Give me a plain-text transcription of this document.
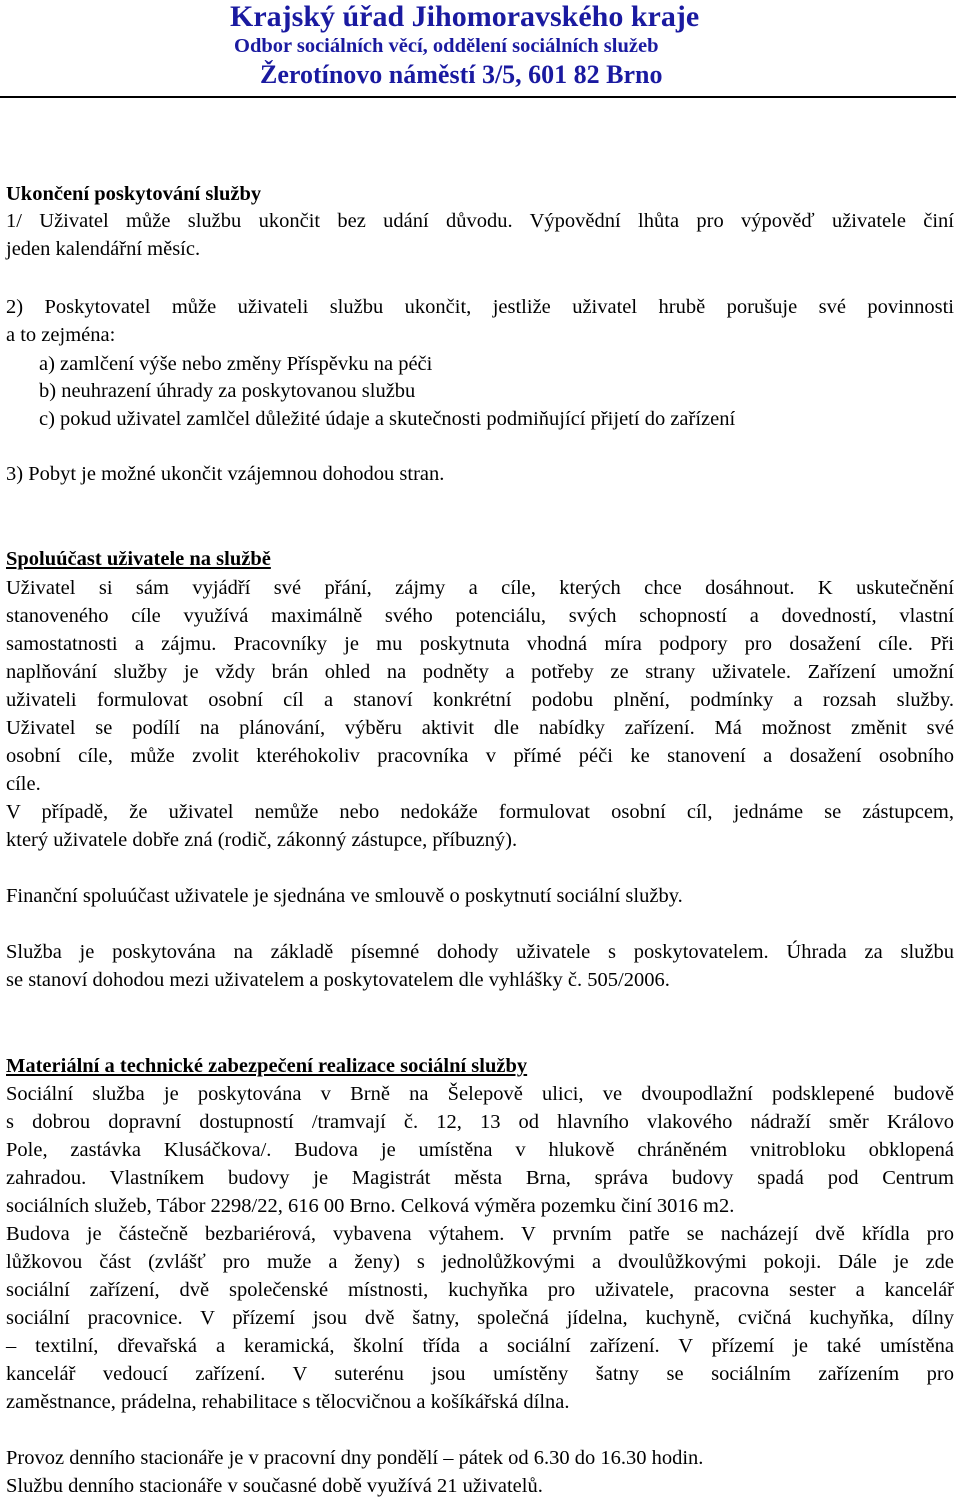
Krajský úřad Jihomoravského kraje
Odbor sociálních věcí, oddělení sociálních služeb
Žerotínovo náměstí 3/5, 601 82 Brno
Ukončení poskytování služby
1/ Uživatel může službu ukončit bez udání důvodu. Výpovědní lhůta pro výpověď uživatele činí
jeden kalendářní měsíc.
2) Poskytovatel může uživateli službu ukončit, jestliže uživatel hrubě porušuje své povinnosti
a to zejména:
a) zamlčení výše nebo změny Příspěvku na péči
b) neuhrazení úhrady za poskytovanou službu
c) pokud uživatel zamlčel důležité údaje a skutečnosti podmiňující přijetí do zařízení
3) Pobyt je možné ukončit vzájemnou dohodou stran.
Spoluúčast uživatele na službě
Uživatel si sám vyjádří své přání, zájmy a cíle, kterých chce dosáhnout. K uskutečnění
stanoveného cíle využívá maximálně svého potenciálu, svých schopností a dovedností, vlastní
samostatnosti a zájmu. Pracovníky je mu poskytnuta vhodná míra podpory pro dosažení cíle. Při
naplňování služby je vždy brán ohled na podněty a potřeby ze strany uživatele. Zařízení umožní
uživateli formulovat osobní cíl a stanoví konkrétní podobu plnění, podmínky a rozsah služby.
Uživatel se podílí na plánování, výběru aktivit dle nabídky zařízení. Má možnost změnit své
osobní cíle, může zvolit kteréhokoliv pracovníka v přímé péči ke stanovení a dosažení osobního
cíle.
V případě, že uživatel nemůže nebo nedokáže formulovat osobní cíl, jednáme se zástupcem,
který uživatele dobře zná (rodič, zákonný zástupce, příbuzný).
Finanční spoluúčast uživatele je sjednána ve smlouvě o poskytnutí sociální služby.
Služba je poskytována na základě písemné dohody uživatele s poskytovatelem. Úhrada za službu
se stanoví dohodou mezi uživatelem a poskytovatelem dle vyhlášky č. 505/2006.
Materiální a technické zabezpečení realizace sociální služby
Sociální služba je poskytována v Brně na Šelepově ulici, ve dvoupodlažní podsklepené budově
s dobrou dopravní dostupností /tramvají č. 12, 13 od hlavního vlakového nádraží směr Královo
Pole, zastávka Klusáčkova/. Budova je umístěna v hlukově chráněném vnitrobloku obklopená
zahradou. Vlastníkem budovy je Magistrát města Brna, správa budovy spadá pod Centrum
sociálních služeb, Tábor 2298/22, 616 00 Brno. Celková výměra pozemku činí 3016 m2.
Budova je částečně bezbariérová, vybavena výtahem. V prvním patře se nacházejí dvě křídla pro
lůžkovou část (zvlášť pro muže a ženy) s jednolůžkovými a dvoulůžkovými pokoji. Dále je zde
sociální zařízení, dvě společenské místnosti, kuchyňka pro uživatele, pracovna sester a kancelář
sociální pracovnice. V přízemí jsou dvě šatny, společná jídelna, kuchyně, cvičná kuchyňka, dílny
– textilní, dřevařská a keramická, školní třída a sociální zařízení. V přízemí je také umístěna
kancelář vedoucí zařízení. V suterénu jsou umístěny šatny se sociálním zařízením pro
zaměstnance, prádelna, rehabilitace s tělocvičnou a košíkářská dílna.
Provoz denního stacionáře je v pracovní dny pondělí – pátek od 6.30 do 16.30 hodin.
Službu denního stacionáře v současné době využívá 21 uživatelů.
